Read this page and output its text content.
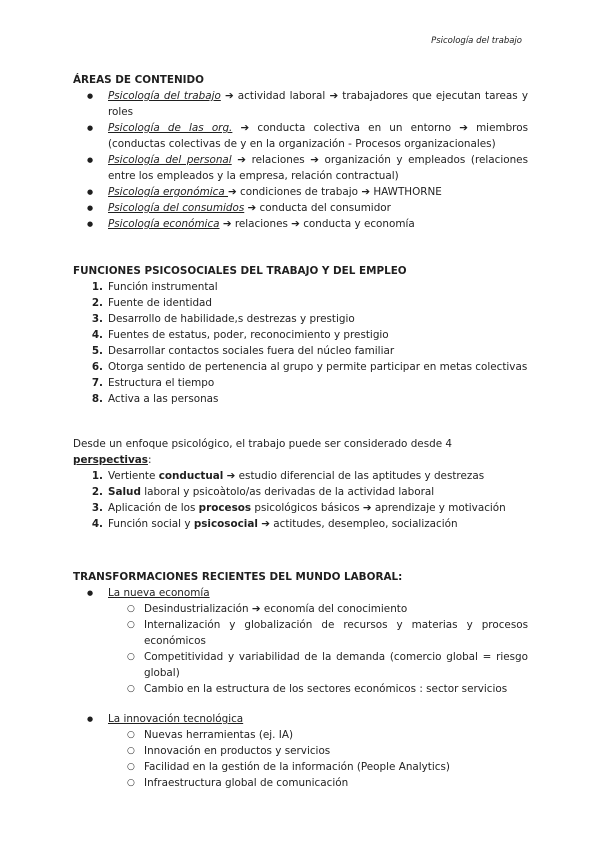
Psicología del trabajo
ÁREAS DE CONTENIDO
● Psicología del trabajo ➔ actividad laboral ➔ trabajadores que ejecutan tareas y roles
● Psicología de las org. ➔ conducta colectiva en un entorno ➔ miembros (conductas colectivas de y en la organización - Procesos organizacionales)
● Psicología del personal ➔ relaciones ➔ organización y empleados (relaciones entre los empleados y la empresa, relación contractual)
● Psicología ergonómica ➔ condiciones de trabajo ➔ HAWTHORNE
● Psicología del consumidos ➔ conducta del consumidor
● Psicología económica ➔ relaciones ➔ conducta y economía
FUNCIONES PSICOSOCIALES DEL TRABAJO Y DEL EMPLEO
1. Función instrumental
2. Fuente de identidad
3. Desarrollo de habilidade,s destrezas y prestigio
4. Fuentes de estatus, poder, reconocimiento y prestigio
5. Desarrollar contactos sociales fuera del núcleo familiar
6. Otorga sentido de pertenencia al grupo y permite participar en metas colectivas
7. Estructura el tiempo
8. Activa a las personas

Desde un enfoque psicológico, el trabajo puede ser considerado desde 4 perspectivas:

1. Vertiente conductual ➔ estudio diferencial de las aptitudes y destrezas
2. Salud laboral y psicoàtolo/as derivadas de la actividad laboral
3. Aplicación de los procesos psicológicos básicos ➔ aprendizaje y motivación
4. Función social y psicosocial ➔ actitudes, desempleo, socialización
TRANSFORMACIONES RECIENTES DEL MUNDO LABORAL:
● La nueva economía
○ Desindustrialización ➔ economía del conocimiento
○ Internalización y globalización de recursos y materias y procesos económicos
○ Competitividad y variabilidad de la demanda (comercio global = riesgo global)
○ Cambio en la estructura de los sectores económicos : sector servicios
● La innovación tecnológica
○ Nuevas herramientas (ej. IA)
○ Innovación en productos y servicios
○ Facilidad en la gestión de la información (People Analytics)
○ Infraestructura global de comunicación
